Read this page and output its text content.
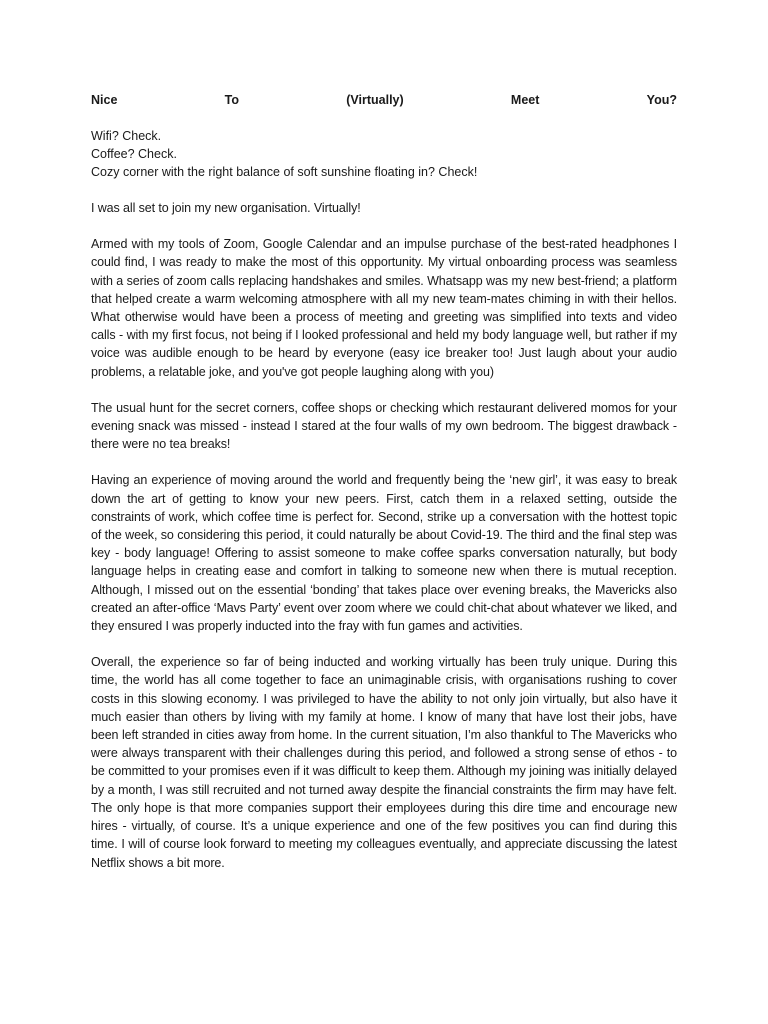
Nice	To	(Virtually)	Meet	You?

Wifi? Check.

Coffee? Check.

Cozy corner with the right balance of soft sunshine floating in? Check!

I was all set to join my new organisation. Virtually!

Armed with my tools of Zoom, Google Calendar and an impulse purchase of the best-rated headphones I could find, I was ready to make the most of this opportunity. My virtual onboarding process was seamless with a series of zoom calls replacing handshakes and smiles. Whatsapp was my new best-friend; a platform that helped create a warm welcoming atmosphere with all my new team-mates chiming in with their hellos. What otherwise would have been a process of meeting and greeting was simplified into texts and video calls - with my first focus, not being if I looked professional and held my body language well, but rather if my voice was audible enough to be heard by everyone (easy ice breaker too! Just laugh about your audio problems, a relatable joke, and you've got people laughing along with you)

The usual hunt for the secret corners, coffee shops or checking which restaurant delivered momos for your evening snack was missed - instead I stared at the four walls of my own bedroom. The biggest drawback - there were no tea breaks!

Having an experience of moving around the world and frequently being the ‘new girl’, it was easy to break down the art of getting to know your new peers. First, catch them in a relaxed setting, outside the constraints of work, which coffee time is perfect for. Second, strike up a conversation with the hottest topic of the week, so considering this period, it could naturally be about Covid-19. The third and the final step was key - body language! Offering to assist someone to make coffee sparks conversation naturally, but body language helps in creating ease and comfort in talking to someone new when there is mutual reception. Although, I missed out on the essential ‘bonding’ that takes place over evening breaks, the Mavericks also created an after-office ‘Mavs Party’ event over zoom where we could chit-chat about whatever we liked, and they ensured I was properly inducted into the fray with fun games and activities.

Overall, the experience so far of being inducted and working virtually has been truly unique. During this time, the world has all come together to face an unimaginable crisis, with organisations rushing to cover costs in this slowing economy. I was privileged to have the ability to not only join virtually, but also have it much easier than others by living with my family at home. I know of many that have lost their jobs, have been left stranded in cities away from home. In the current situation, I’m also thankful to The Mavericks who were always transparent with their challenges during this period, and followed a strong sense of ethos - to be committed to your promises even if it was difficult to keep them. Although my joining was initially delayed by a month, I was still recruited and not turned away despite the financial constraints the firm may have felt. The only hope is that more companies support their employees during this dire time and encourage new hires - virtually, of course. It’s a unique experience and one of the few positives you can find during this time. I will of course look forward to meeting my colleagues eventually, and appreciate discussing the latest Netflix shows a bit more.
